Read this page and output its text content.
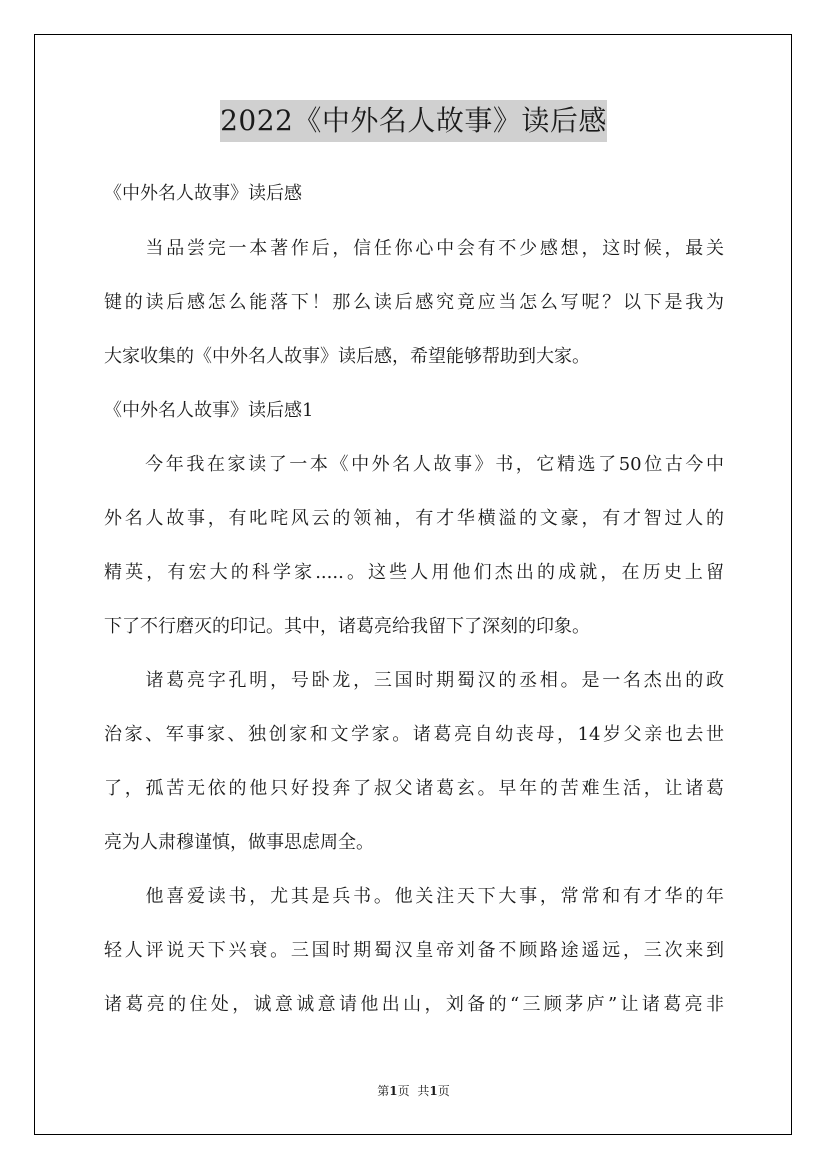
2022《中外名人故事》读后感
《中外名人故事》读后感
　　当品尝完一本著作后，信任你心中会有不少感想，这时候，最关
键的读后感怎么能落下！那么读后感究竟应当怎么写呢？以下是我为
大家收集的《中外名人故事》读后感，希望能够帮助到大家。
《中外名人故事》读后感1
　　今年我在家读了一本《中外名人故事》书，它精选了50位古今中
外名人故事，有叱咤风云的领袖，有才华横溢的文豪，有才智过人的
精英，有宏大的科学家.....。这些人用他们杰出的成就，在历史上留
下了不行磨灭的印记。其中，诸葛亮给我留下了深刻的印象。
　　诸葛亮字孔明，号卧龙，三国时期蜀汉的丞相。是一名杰出的政
治家、军事家、独创家和文学家。诸葛亮自幼丧母，14岁父亲也去世
了，孤苦无依的他只好投奔了叔父诸葛玄。早年的苦难生活，让诸葛
亮为人肃穆谨慎，做事思虑周全。
　　他喜爱读书，尤其是兵书。他关注天下大事，常常和有才华的年
轻人评说天下兴衰。三国时期蜀汉皇帝刘备不顾路途遥远，三次来到
诸葛亮的住处，诚意诚意请他出山，刘备的“三顾茅庐”让诸葛亮非
第1页 共1页
